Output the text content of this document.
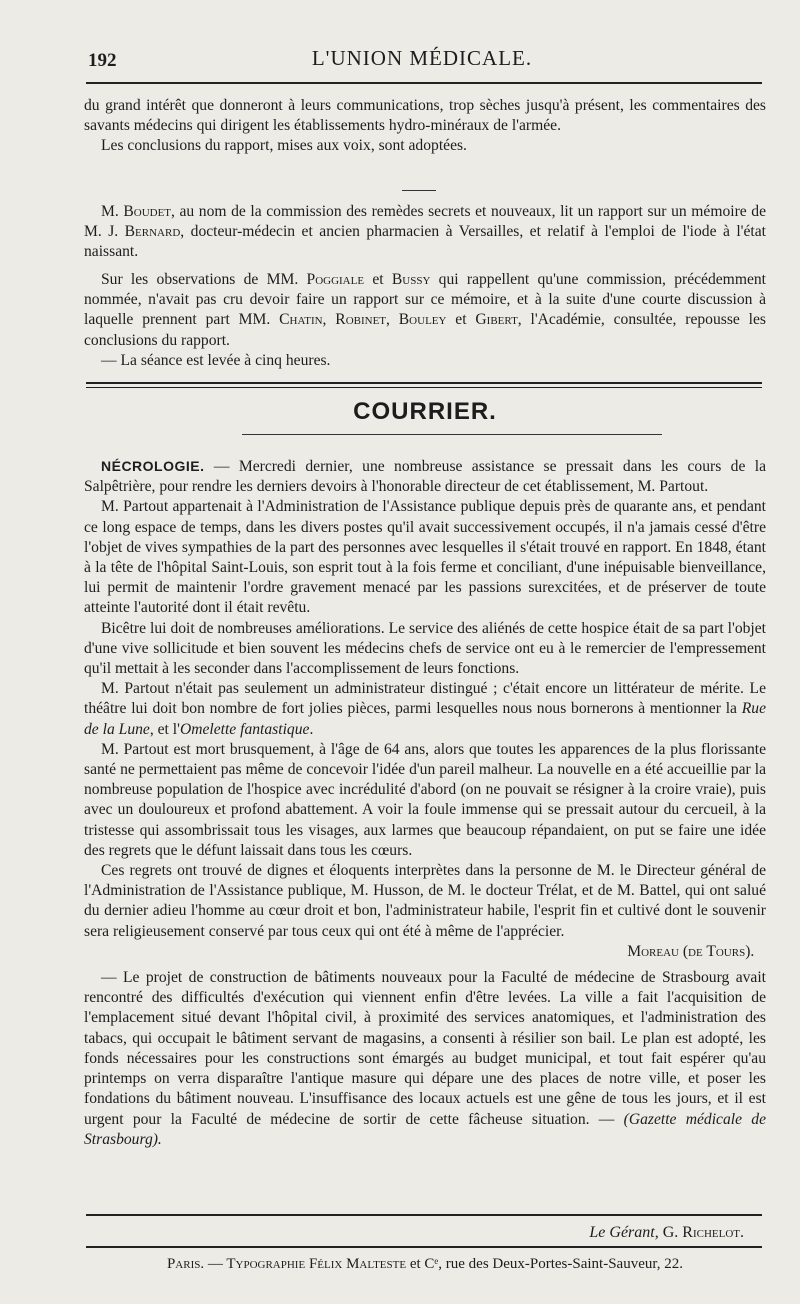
192	L'UNION MÉDICALE.

du grand intérêt que donneront à leurs communications, trop sèches jusqu'à présent, les commentaires des savants médecins qui dirigent les établissements hydro-minéraux de l'armée.

Les conclusions du rapport, mises aux voix, sont adoptées.

M. Boudet, au nom de la commission des remèdes secrets et nouveaux, lit un rapport sur un mémoire de M. J. Bernard, docteur-médecin et ancien pharmacien à Versailles, et relatif à l'emploi de l'iode à l'état naissant.

Sur les observations de MM. Poggiale et Bussy qui rappellent qu'une commission, précédemment nommée, n'avait pas cru devoir faire un rapport sur ce mémoire, et à la suite d'une courte discussion à laquelle prennent part MM. Chatin, Robinet, Bouley et Gibert, l'Académie, consultée, repousse les conclusions du rapport.

— La séance est levée à cinq heures.

COURRIER.

NÉCROLOGIE. — Mercredi dernier, une nombreuse assistance se pressait dans les cours de la Salpêtrière, pour rendre les derniers devoirs à l'honorable directeur de cet établissement, M. Partout.

M. Partout appartenait à l'Administration de l'Assistance publique depuis près de quarante ans, et pendant ce long espace de temps, dans les divers postes qu'il avait successivement occupés, il n'a jamais cessé d'être l'objet de vives sympathies de la part des personnes avec lesquelles il s'était trouvé en rapport. En 1848, étant à la tête de l'hôpital Saint-Louis, son esprit tout à la fois ferme et conciliant, d'une inépuisable bienveillance, lui permit de maintenir l'ordre gravement menacé par les passions surexcitées, et de préserver de toute atteinte l'autorité dont il était revêtu.

Bicêtre lui doit de nombreuses améliorations. Le service des aliénés de cette hospice était de sa part l'objet d'une vive sollicitude et bien souvent les médecins chefs de service ont eu à le remercier de l'empressement qu'il mettait à les seconder dans l'accomplissement de leurs fonctions.

M. Partout n'était pas seulement un administrateur distingué ; c'était encore un littérateur de mérite. Le théâtre lui doit bon nombre de fort jolies pièces, parmi lesquelles nous nous bornerons à mentionner la Rue de la Lune, et l'Omelette fantastique.

M. Partout est mort brusquement, à l'âge de 64 ans, alors que toutes les apparences de la plus florissante santé ne permettaient pas même de concevoir l'idée d'un pareil malheur. La nouvelle en a été accueillie par la nombreuse population de l'hospice avec incrédulité d'abord (on ne pouvait se résigner à la croire vraie), puis avec un douloureux et profond abattement. A voir la foule immense qui se pressait autour du cercueil, à la tristesse qui assombrissait tous les visages, aux larmes que beaucoup répandaient, on put se faire une idée des regrets que le défunt laissait dans tous les cœurs.

Ces regrets ont trouvé de dignes et éloquents interprètes dans la personne de M. le Directeur général de l'Administration de l'Assistance publique, M. Husson, de M. le docteur Trélat, et de M. Battel, qui ont salué du dernier adieu l'homme au cœur droit et bon, l'administrateur habile, l'esprit fin et cultivé dont le souvenir sera religieusement conservé par tous ceux qui ont été à même de l'apprécier.

Moreau (de Tours).

— Le projet de construction de bâtiments nouveaux pour la Faculté de médecine de Strasbourg avait rencontré des difficultés d'exécution qui viennent enfin d'être levées. La ville a fait l'acquisition de l'emplacement situé devant l'hôpital civil, à proximité des services anatomiques, et l'administration des tabacs, qui occupait le bâtiment servant de magasins, a consenti à résilier son bail. Le plan est adopté, les fonds nécessaires pour les constructions sont émargés au budget municipal, et tout fait espérer qu'au printemps on verra disparaître l'antique masure qui dépare une des places de notre ville, et poser les fondations du bâtiment nouveau. L'insuffisance des locaux actuels est une gêne de tous les jours, et il est urgent pour la Faculté de médecine de sortir de cette fâcheuse situation. — (Gazette médicale de Strasbourg).

Le Gérant, G. Richelot.
Paris. — Typographie Félix Malteste et Cᵉ, rue des Deux-Portes-Saint-Sauveur, 22.
